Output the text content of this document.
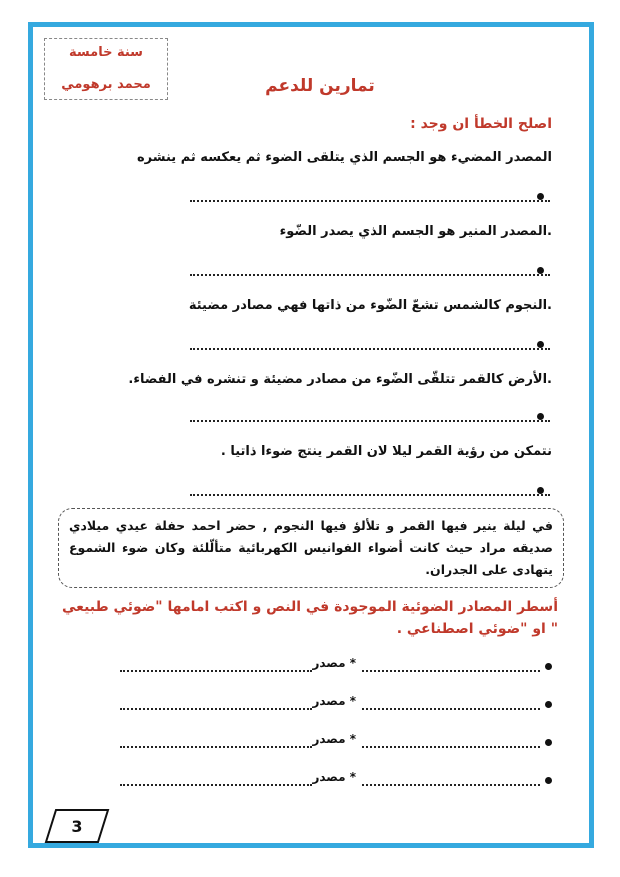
سنة خامسة
محمد برهومي	تمارين للدعم
اصلح الخطأ ان وجد :
المصدر المضيء هو الجسم الذي يتلقى الضوء ثم يعكسه ثم ينشره
.المصدر المنير هو الجسم الذي يصدر الضّوء
.النجوم كالشمس تشعّ الضّوء من ذاتها فهي مصادر مضيئة
.الأرض كالقمر تتلقّى الضّوء من مصادر مضيئة و تنشره في الفضاء.
نتمكن من رؤية القمر ليلا لان القمر ينتج ضوءا ذاتيا .
في ليلة ينير فيها القمر و تلألؤ فيها النجوم , حضر احمد حفلة عيدي ميلادي صديقه مراد حيث كانت أضواء الفوانيس الكهربائية متألّلئة وكان ضوء الشموع يتهادى على الجدران.
أسطر المصادر الضوئية الموجودة في النص و اكتب امامها "ضوئي طبيعي " او "ضوئي اصطناعي .
* مصدر
* مصدر
* مصدر
* مصدر
3
